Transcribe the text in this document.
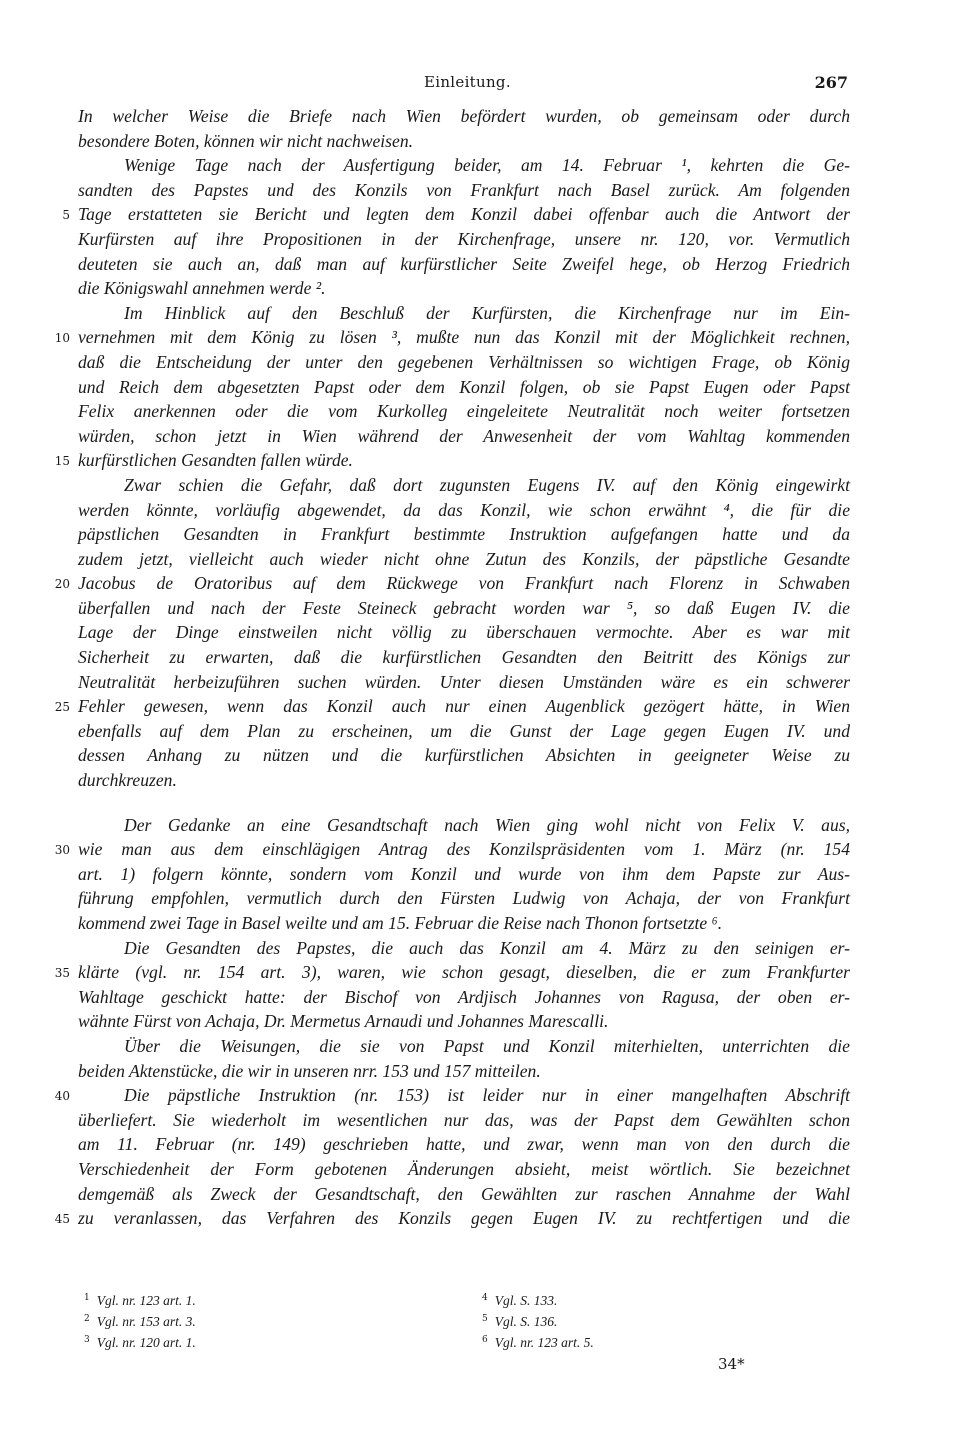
Einleitung.	267
In welcher Weise die Briefe nach Wien befördert wurden, ob gemeinsam oder durch
besondere Boten, können wir nicht nachweisen.
Wenige Tage nach der Ausfertigung beider, am 14. Februar ¹, kehrten die Ge-
sandten des Papstes und des Konzils von Frankfurt nach Basel zurück. Am folgenden
5 Tage erstatteten sie Bericht und legten dem Konzil dabei offenbar auch die Antwort der
Kurfürsten auf ihre Propositionen in der Kirchenfrage, unsere nr. 120, vor. Vermutlich
deuteten sie auch an, daß man auf kurfürstlicher Seite Zweifel hege, ob Herzog Friedrich
die Königswahl annehmen werde ².
Im Hinblick auf den Beschluß der Kurfürsten, die Kirchenfrage nur im Ein-
10 vernehmen mit dem König zu lösen ³, mußte nun das Konzil mit der Möglichkeit rechnen,
daß die Entscheidung der unter den gegebenen Verhältnissen so wichtigen Frage, ob König
und Reich dem abgesetzten Papst oder dem Konzil folgen, ob sie Papst Eugen oder Papst
Felix anerkennen oder die vom Kurkolleg eingeleitete Neutralität noch weiter fortsetzen
würden, schon jetzt in Wien während der Anwesenheit der vom Wahltag kommenden
15 kurfürstlichen Gesandten fallen würde.
Zwar schien die Gefahr, daß dort zugunsten Eugens IV. auf den König eingewirkt
werden könnte, vorläufig abgewendet, da das Konzil, wie schon erwähnt ⁴, die für die
päpstlichen Gesandten in Frankfurt bestimmte Instruktion aufgefangen hatte und da
zudem jetzt, vielleicht auch wieder nicht ohne Zutun des Konzils, der päpstliche Gesandte
20 Jacobus de Oratoribus auf dem Rückwege von Frankfurt nach Florenz in Schwaben
überfallen und nach der Feste Steineck gebracht worden war ⁵, so daß Eugen IV. die
Lage der Dinge einstweilen nicht völlig zu überschauen vermochte. Aber es war mit
Sicherheit zu erwarten, daß die kurfürstlichen Gesandten den Beitritt des Königs zur
Neutralität herbeizuführen suchen würden. Unter diesen Umständen wäre es ein schwerer
25 Fehler gewesen, wenn das Konzil auch nur einen Augenblick gezögert hätte, in Wien
ebenfalls auf dem Plan zu erscheinen, um die Gunst der Lage gegen Eugen IV. und
dessen Anhang zu nützen und die kurfürstlichen Absichten in geeigneter Weise zu
durchkreuzen.
Der Gedanke an eine Gesandtschaft nach Wien ging wohl nicht von Felix V. aus,
30 wie man aus dem einschlägigen Antrag des Konzilspräsidenten vom 1. März (nr. 154
art. 1) folgern könnte, sondern vom Konzil und wurde von ihm dem Papste zur Aus-
führung empfohlen, vermutlich durch den Fürsten Ludwig von Achaja, der von Frankfurt
kommend zwei Tage in Basel weilte und am 15. Februar die Reise nach Thonon fortsetzte ⁶.
Die Gesandten des Papstes, die auch das Konzil am 4. März zu den seinigen er-
35 klärte (vgl. nr. 154 art. 3), waren, wie schon gesagt, dieselben, die er zum Frankfurter
Wahltage geschickt hatte: der Bischof von Ardjisch Johannes von Ragusa, der oben er-
wähnte Fürst von Achaja, Dr. Mermetus Arnaudi und Johannes Marescalli.
Über die Weisungen, die sie von Papst und Konzil miterhielten, unterrichten die
beiden Aktenstücke, die wir in unseren nrr. 153 und 157 mitteilen.
40	Die päpstliche Instruktion (nr. 153) ist leider nur in einer mangelhaften Abschrift
überliefert. Sie wiederholt im wesentlichen nur das, was der Papst dem Gewählten schon
am 11. Februar (nr. 149) geschrieben hatte, und zwar, wenn man von den durch die
Verschiedenheit der Form gebotenen Änderungen absieht, meist wörtlich. Sie bezeichnet
demgemäß als Zweck der Gesandtschaft, den Gewählten zur raschen Annahme der Wahl
45 zu veranlassen, das Verfahren des Konzils gegen Eugen IV. zu rechtfertigen und die
$^1$ Vgl. nr. 123 art. 1.
$^2$ Vgl. nr. 153 art. 3.
$^3$ Vgl. nr. 120 art. 1.
$^4$ Vgl. S. 133.
$^5$ Vgl. S. 136.
$^6$ Vgl. nr. 123 art. 5.
34*
